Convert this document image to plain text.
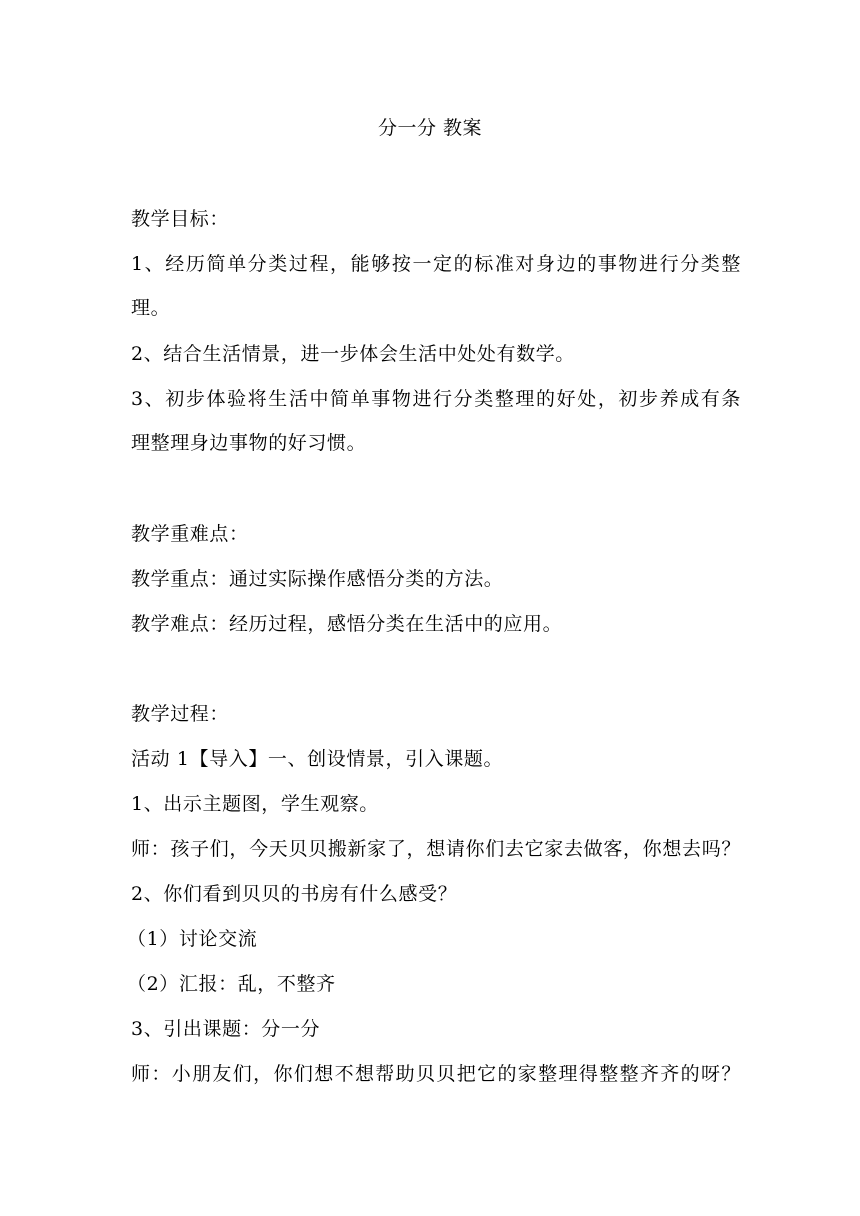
分一分 教案
教学目标：
1、经历简单分类过程，能够按一定的标准对身边的事物进行分类整
理。
2、结合生活情景，进一步体会生活中处处有数学。
3、初步体验将生活中简单事物进行分类整理的好处，初步养成有条
理整理身边事物的好习惯。
教学重难点：
教学重点：通过实际操作感悟分类的方法。
教学难点：经历过程，感悟分类在生活中的应用。
教学过程：
活动 1【导入】一、创设情景，引入课题。
1、出示主题图，学生观察。
师：孩子们，今天贝贝搬新家了，想请你们去它家去做客，你想去吗？
2、你们看到贝贝的书房有什么感受？
（1）讨论交流
（2）汇报：乱，不整齐
3、引出课题：分一分
师：小朋友们，你们想不想帮助贝贝把它的家整理得整整齐齐的呀？
